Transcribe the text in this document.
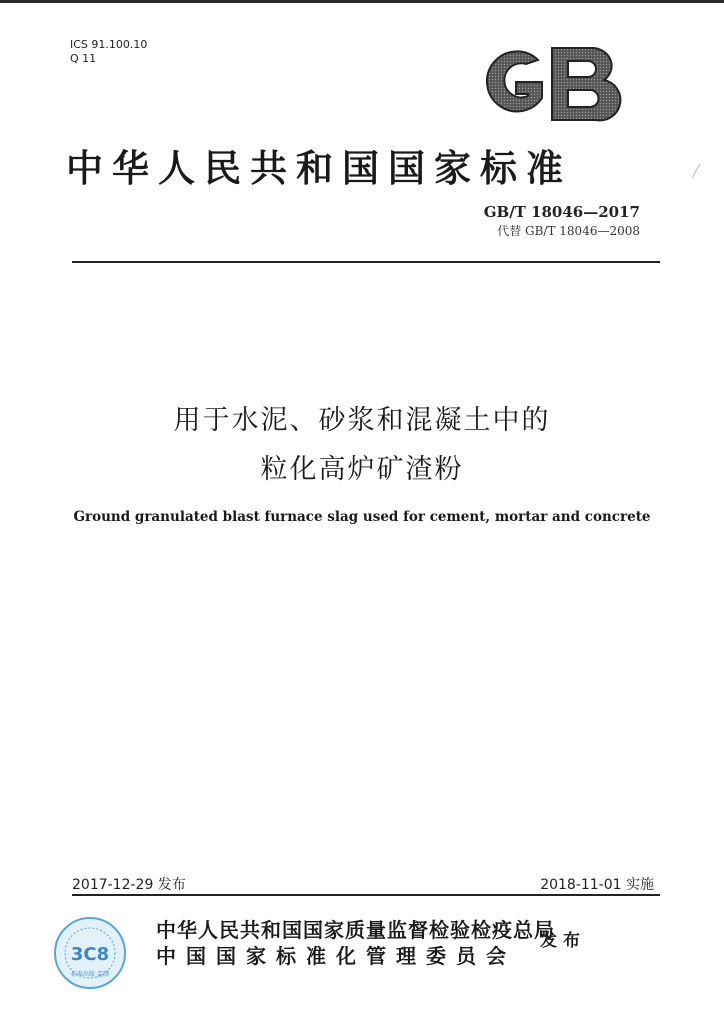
ICS 91.100.10
Q 11
中华人民共和国国家标准
GB/T 18046—2017
代替 GB/T 18046—2008
用于水泥、砂浆和混凝土中的
粒化高炉矿渣粉
Ground granulated blast furnace slag used for cement, mortar and concrete
2017-12-29 发布	2018-11-01 实施
3C8
标准出版 监制
中华人民共和国国家质量监督检验检疫总局
中国国家标准化管理委员会
发布
